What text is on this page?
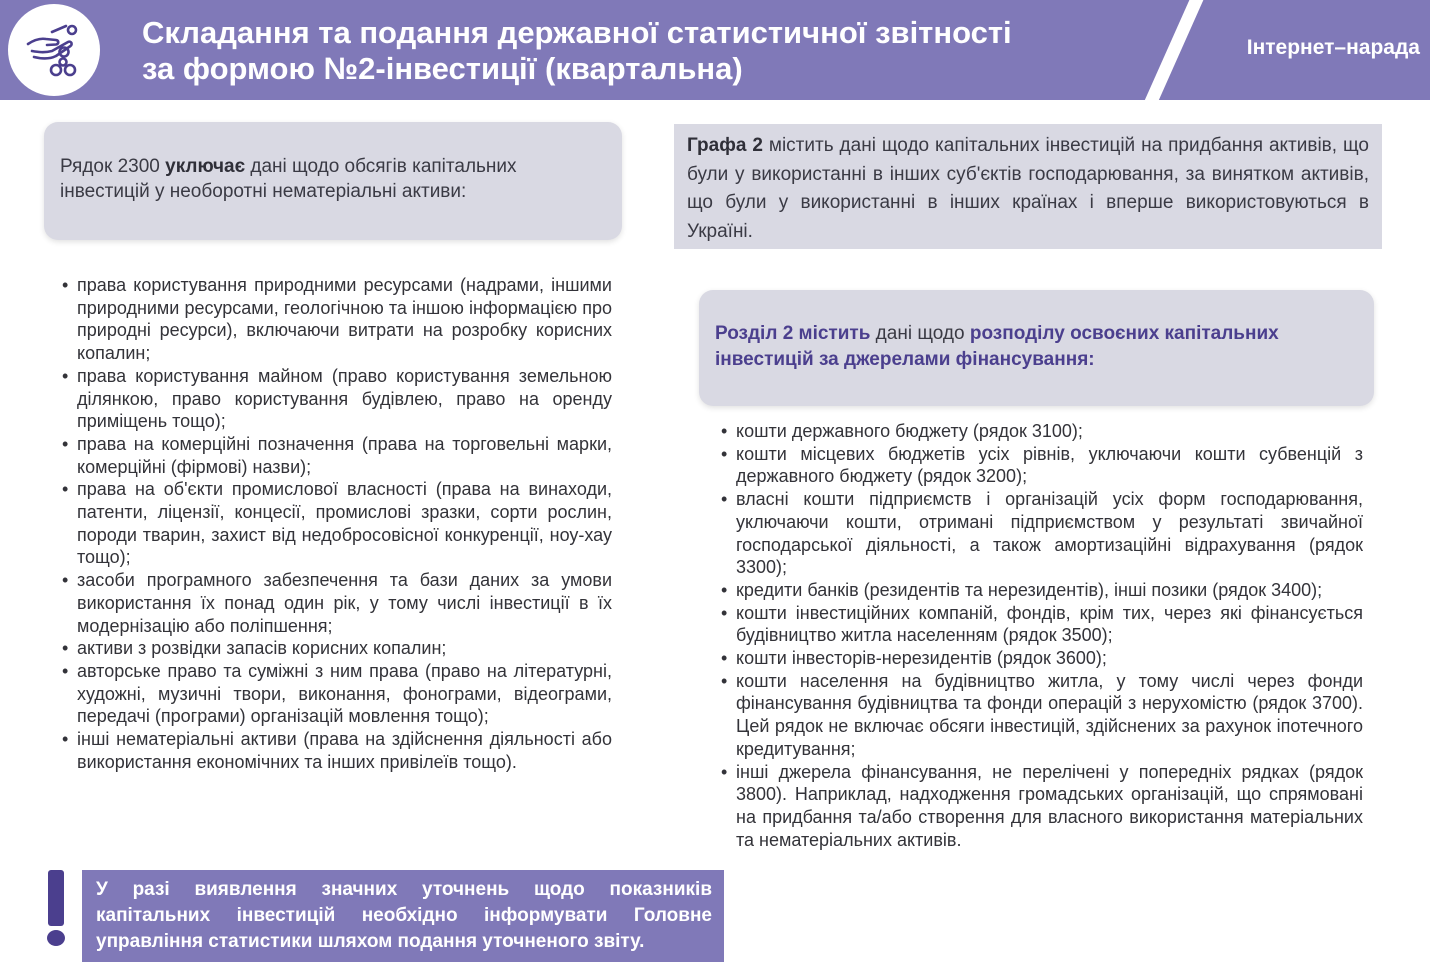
Складання та подання державної статистичної звітності
за формою №2-інвестиції (квартальна)
Інтернет–нарада

Рядок 2300 уключає дані щодо обсягів капітальних інвестицій у необоротні нематеріальні активи:

Графа 2 містить дані щодо капітальних інвестицій на придбання активів, що були у використанні в інших суб'єктів господарювання, за винятком активів, що були у використанні в інших країнах і вперше використовуються в Україні.

Розділ 2 містить дані щодо розподілу освоєних капітальних інвестицій за джерелами фінансування:

• права користування природними ресурсами (надрами, іншими природними ресурсами, геологічною та іншою інформацією про природні ресурси), включаючи витрати на розробку корисних копалин;
• права користування майном (право користування земельною ділянкою, право користування будівлею, право на оренду приміщень тощо);
• права на комерційні позначення (права на торговельні марки, комерційні (фірмові) назви);
• права на об'єкти промислової власності (права на винаходи, патенти, ліцензії, концесії, промислові зразки, сорти рослин, породи тварин, захист від недобросовісної конкуренції, ноу-хау тощо);
• засоби програмного забезпечення та бази даних за умови використання їх понад один рік, у тому числі інвестиції в їх модернізацію або поліпшення;
• активи з розвідки запасів корисних копалин;
• авторське право та суміжні з ним права (право на літературні, художні, музичні твори, виконання, фонограми, відеограми, передачі (програми) організацій мовлення тощо);
• інші нематеріальні активи (права на здійснення діяльності або використання економічних та інших привілеїв тощо).
• кошти державного бюджету (рядок 3100);
• кошти місцевих бюджетів усіх рівнів, уключаючи кошти субвенцій з державного бюджету (рядок 3200);
• власні кошти підприємств і організацій усіх форм господарювання, уключаючи кошти, отримані підприємством у результаті звичайної господарської діяльності, а також амортизаційні відрахування (рядок 3300);
• кредити банків (резидентів та нерезидентів), інші позики (рядок 3400);
• кошти інвестиційних компаній, фондів, крім тих, через які фінансується будівництво житла населенням (рядок 3500);
• кошти інвесторів-нерезидентів (рядок 3600);
• кошти населення на будівництво житла, у тому числі через фонди фінансування будівництва та фонди операцій з нерухомістю (рядок 3700). Цей рядок не включає обсяги інвестицій, здійснених за рахунок іпотечного кредитування;
• інші джерела фінансування, не перелічені у попередніх рядках (рядок 3800). Наприклад, надходження громадських організацій, що спрямовані на придбання та/або створення для власного використання матеріальних та нематеріальних активів.

У разі виявлення значних уточнень щодо показників капітальних інвестицій необхідно інформувати Головне управління статистики шляхом подання уточненого звіту.
